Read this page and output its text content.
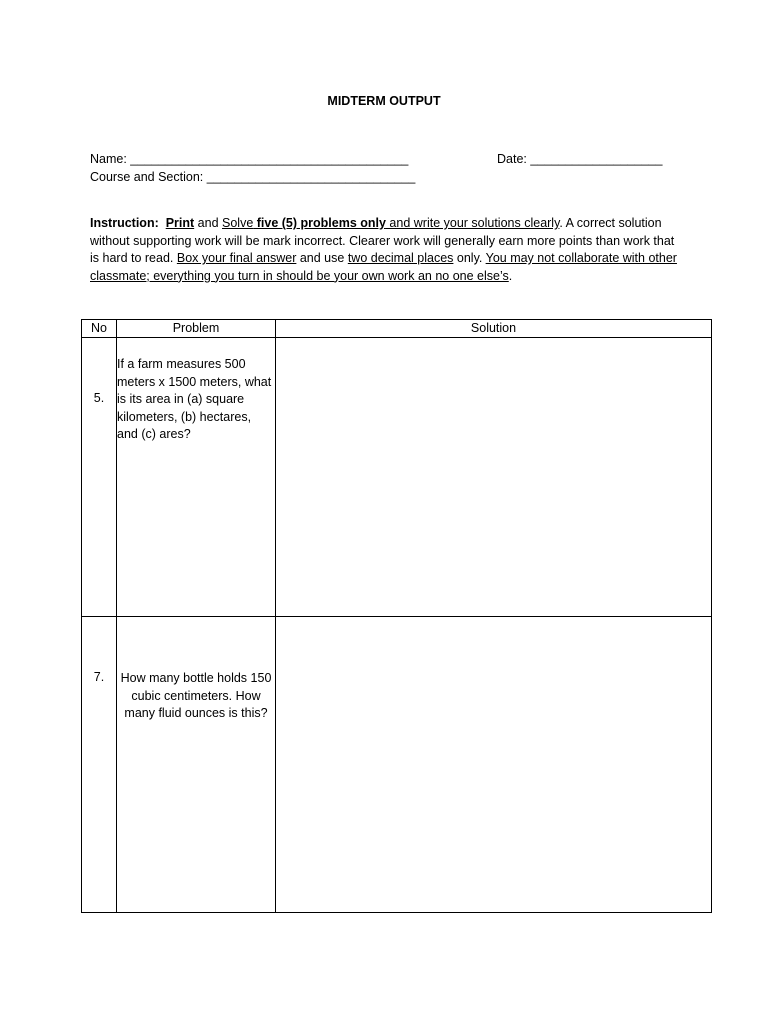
MIDTERM OUTPUT
Name: ________________________________________	Date: ___________________
Course and Section: ______________________________
Instruction: Print and Solve five (5) problems only and write your solutions clearly. A correct solution without supporting work will be mark incorrect. Clearer work will generally earn more points than work that is hard to read. Box your final answer and use two decimal places only. You may not collaborate with other classmate; everything you turn in should be your own work an no one else’s.
No	Problem	Solution
5.	If a farm measures 500 meters x 1500 meters, what is its area in (a) square kilometers, (b) hectares, and (c) ares?	
7.	How many bottle holds 150 cubic centimeters. How many fluid ounces is this?	
